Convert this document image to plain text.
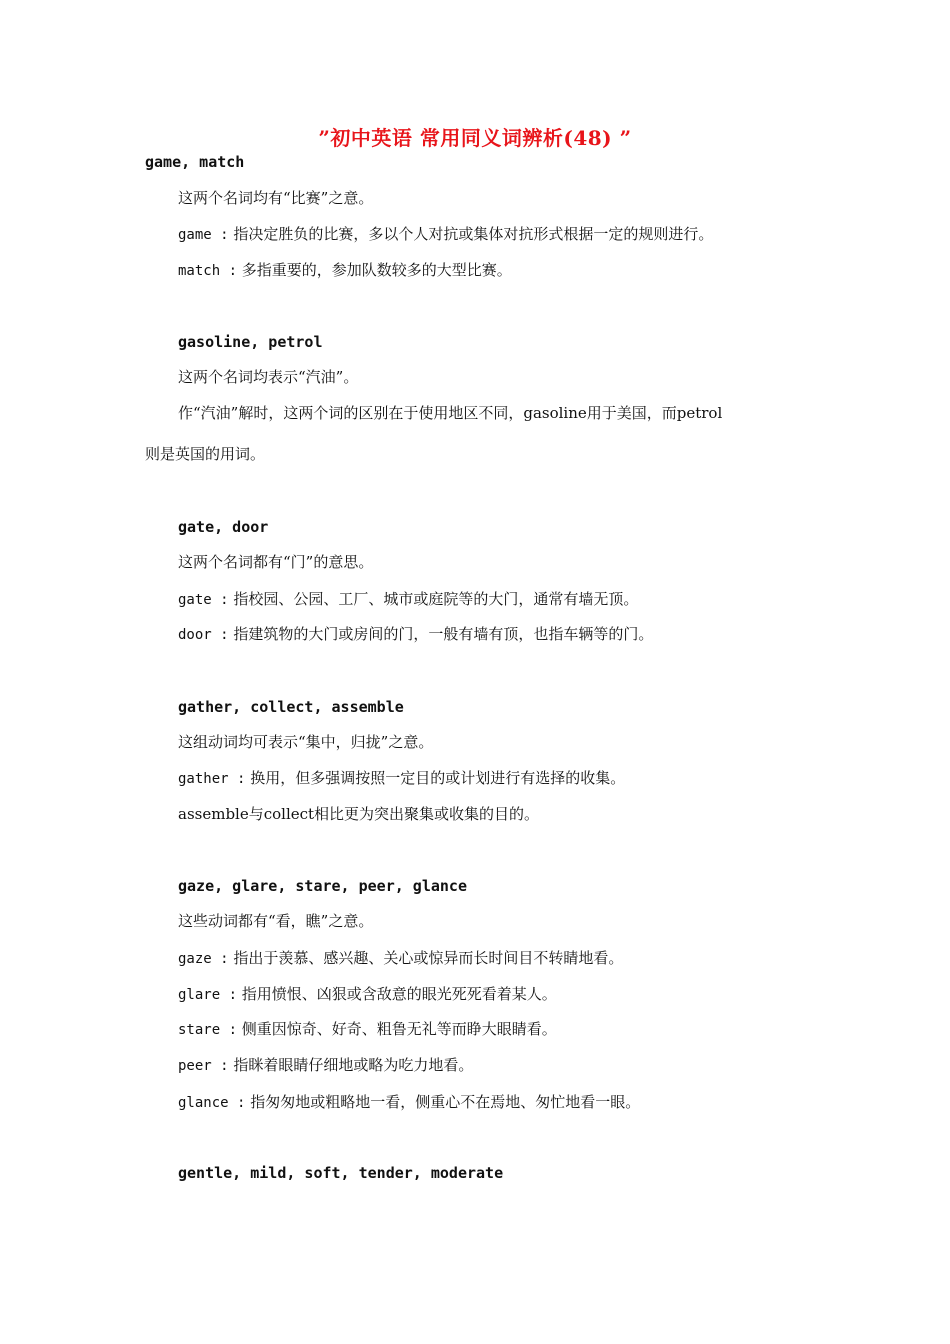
”初中英语 常用同义词辨析(48) ”
game, match
这两个名词均有“比赛”之意。
game : 指决定胜负的比赛，多以个人对抗或集体对抗形式根据一定的规则进行。
match : 多指重要的，参加队数较多的大型比赛。
gasoline, petrol
这两个名词均表示“汽油”。
作“汽油”解时，这两个词的区别在于使用地区不同，gasoline用于美国，而petrol
则是英国的用词。
gate, door
这两个名词都有“门”的意思。
gate : 指校园、公园、工厂、城市或庭院等的大门，通常有墙无顶。
door : 指建筑物的大门或房间的门，一般有墙有顶，也指车辆等的门。
gather, collect, assemble
这组动词均可表示“集中，归拢”之意。
gather : 换用，但多强调按照一定目的或计划进行有选择的收集。
assemble与collect相比更为突出聚集或收集的目的。
gaze, glare, stare, peer, glance
这些动词都有“看，瞧”之意。
gaze : 指出于羡慕、感兴趣、关心或惊异而长时间目不转睛地看。
glare : 指用愤恨、凶狠或含敌意的眼光死死看着某人。
stare : 侧重因惊奇、好奇、粗鲁无礼等而睁大眼睛看。
peer : 指眯着眼睛仔细地或略为吃力地看。
glance : 指匆匆地或粗略地一看，侧重心不在焉地、匆忙地看一眼。
gentle, mild, soft, tender, moderate
